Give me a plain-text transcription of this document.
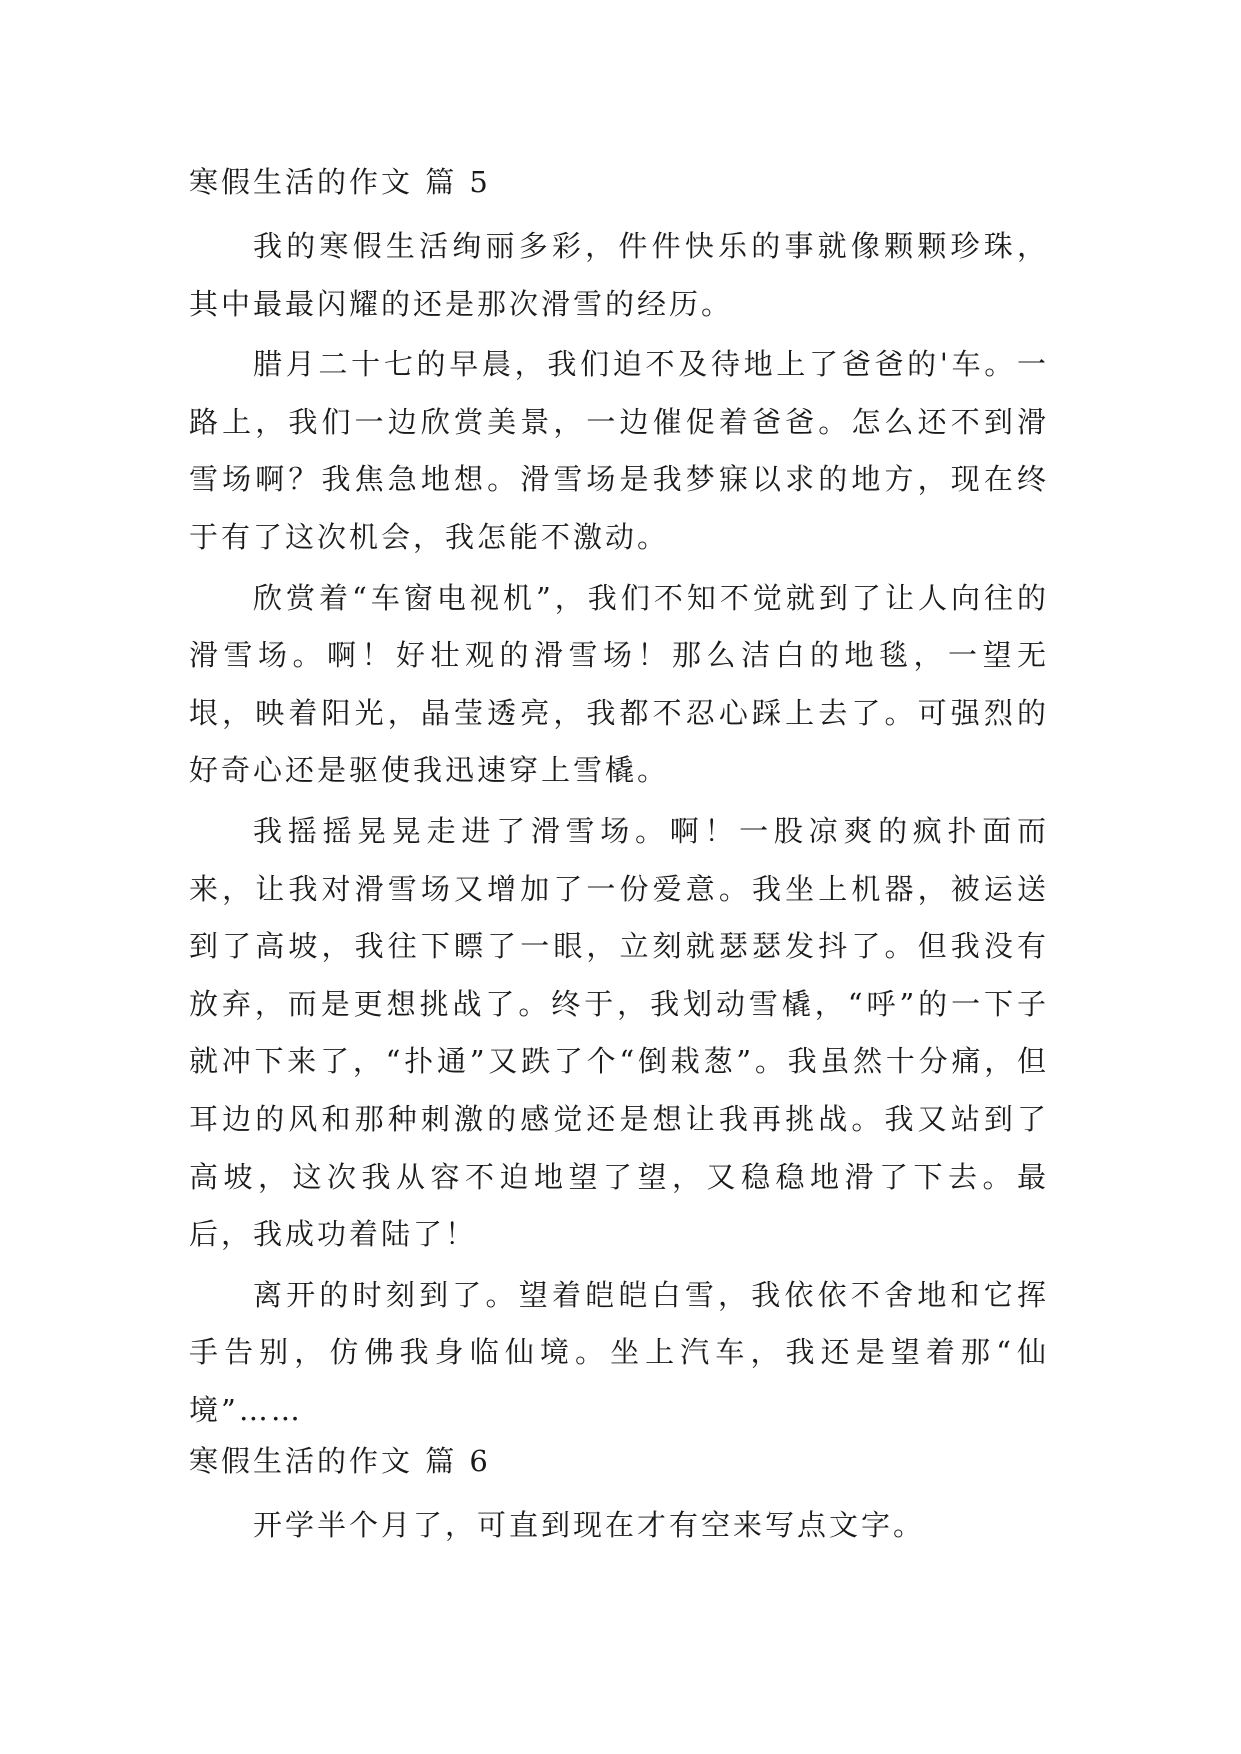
寒假生活的作文 篇 5

我的寒假生活绚丽多彩，件件快乐的事就像颗颗珍珠，其中最最闪耀的还是那次滑雪的经历。

腊月二十七的早晨，我们迫不及待地上了爸爸的'车。一路上，我们一边欣赏美景，一边催促着爸爸。怎么还不到滑雪场啊？我焦急地想。滑雪场是我梦寐以求的地方，现在终于有了这次机会，我怎能不激动。

欣赏着“车窗电视机”，我们不知不觉就到了让人向往的滑雪场。啊！好壮观的滑雪场！那么洁白的地毯，一望无垠，映着阳光，晶莹透亮，我都不忍心踩上去了。可强烈的好奇心还是驱使我迅速穿上雪橇。

我摇摇晃晃走进了滑雪场。啊！一股凉爽的疯扑面而来，让我对滑雪场又增加了一份爱意。我坐上机器，被运送到了高坡，我往下瞟了一眼，立刻就瑟瑟发抖了。但我没有放弃，而是更想挑战了。终于，我划动雪橇，“呼”的一下子就冲下来了，“扑通”又跌了个“倒栽葱”。我虽然十分痛，但耳边的风和那种刺激的感觉还是想让我再挑战。我又站到了高坡，这次我从容不迫地望了望，又稳稳地滑了下去。最后，我成功着陆了！

离开的时刻到了。望着皑皑白雪，我依依不舍地和它挥手告别，仿佛我身临仙境。坐上汽车，我还是望着那“仙境”……

寒假生活的作文 篇 6

开学半个月了，可直到现在才有空来写点文字。
